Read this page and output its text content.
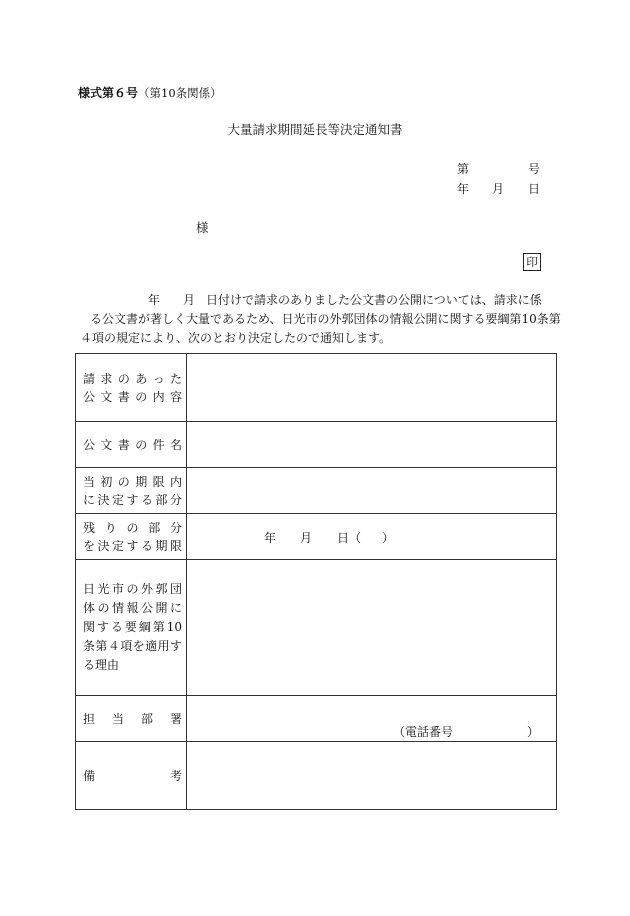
様式第６号（第10条関係）
大量請求期間延長等決定通知書
第	号
年 月 日
様
印
年 月 日付けで請求のありました公文書の公開については、請求に係
る公文書が著しく大量であるため、日光市の外郭団体の情報公開に関する要綱第10条第
４項の規定により、次のとおり決定したので通知します。
請求のあった
公文書の内容	

公文書の件名	

当初の期限内
に決定する部分	

残りの部分
を決定する期限	年 月 日（ ）

日光市の外郭団
体の情報公開に
関する要綱第10
条第４項を適用す
る理由	

担当部署	（電話番号 ）

備考	
